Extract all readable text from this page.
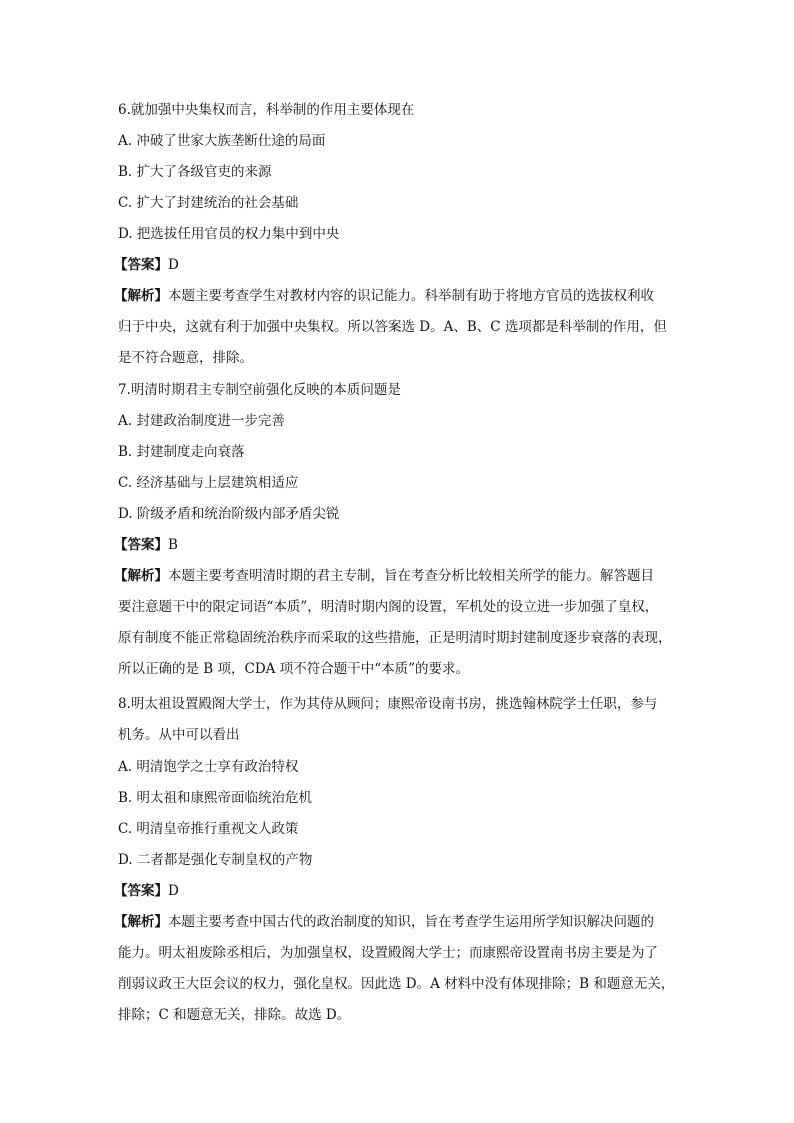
6.就加强中央集权而言，科举制的作用主要体现在

A. 冲破了世家大族垄断仕途的局面

B. 扩大了各级官吏的来源

C. 扩大了封建统治的社会基础

D. 把选拔任用官员的权力集中到中央

【答案】D

【解析】本题主要考查学生对教材内容的识记能力。科举制有助于将地方官员的选拔权利收
归于中央，这就有利于加强中央集权。所以答案选 D。A、B、C 选项都是科举制的作用，但
是不符合题意，排除。

7.明清时期君主专制空前强化反映的本质问题是

A. 封建政治制度进一步完善

B. 封建制度走向衰落

C. 经济基础与上层建筑相适应

D. 阶级矛盾和统治阶级内部矛盾尖锐

【答案】B

【解析】本题主要考查明清时期的君主专制，旨在考查分析比较相关所学的能力。解答题目
要注意题干中的限定词语“本质”，明清时期内阁的设置，军机处的设立进一步加强了皇权，
原有制度不能正常稳固统治秩序而采取的这些措施，正是明清时期封建制度逐步衰落的表现，
所以正确的是 B 项，CDA 项不符合题干中“本质”的要求。
8.明太祖设置殿阁大学士，作为其侍从顾问；康熙帝设南书房，挑选翰林院学士任职，参与
机务。从中可以看出

A. 明清饱学之士享有政治特权

B. 明太祖和康熙帝面临统治危机

C. 明清皇帝推行重视文人政策

D. 二者都是强化专制皇权的产物

【答案】D

【解析】本题主要考查中国古代的政治制度的知识，旨在考查学生运用所学知识解决问题的
能力。明太祖废除丞相后，为加强皇权，设置殿阁大学士；而康熙帝设置南书房主要是为了
削弱议政王大臣会议的权力，强化皇权。因此选 D。A 材料中没有体现排除；B 和题意无关，
排除；C 和题意无关，排除。故选 D。
